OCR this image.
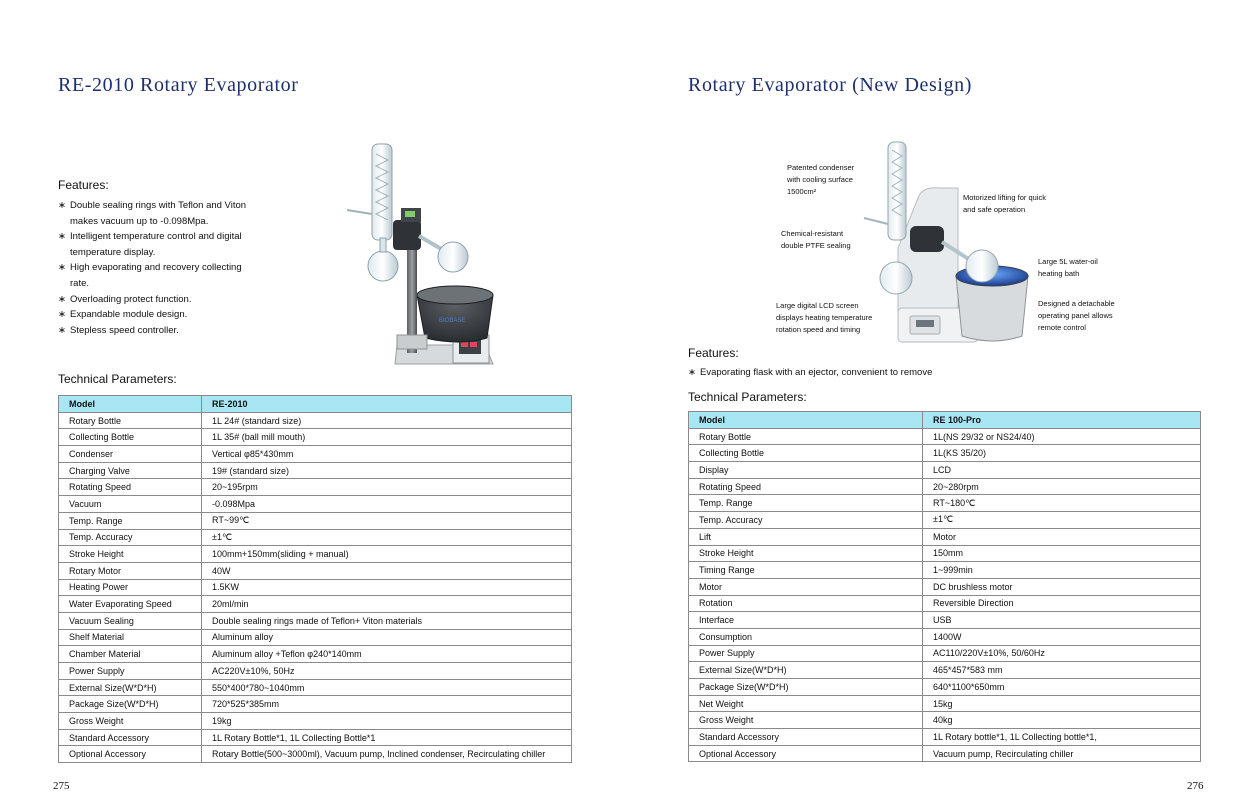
RE-2010 Rotary Evaporator
Features:
∗ Double sealing rings with Teflon and Viton
makes vacuum up to -0.098Mpa.
∗ Intelligent temperature control and digital
temperature display.
∗ High evaporating and recovery collecting
rate.
∗ Overloading protect function.
∗ Expandable module design.
∗ Stepless speed controller.
BIOBASE
Technical Parameters:
Model	RE-2010
Rotary Bottle	1L 24# (standard size)
Collecting Bottle	1L 35# (ball mill mouth)
Condenser	Vertical φ85*430mm
Charging Valve	19# (standard size)
Rotating Speed	20~195rpm
Vacuum	-0.098Mpa
Temp. Range	RT~99℃
Temp. Accuracy	±1℃
Stroke Height	100mm+150mm(sliding + manual)
Rotary Motor	40W
Heating Power	1.5KW
Water Evaporating Speed	20ml/min
Vacuum Sealing	Double sealing rings made of Teflon+ Viton materials
Shelf Material	Aluminum alloy
Chamber Material	Aluminum alloy +Teflon φ240*140mm
Power Supply	AC220V±10%, 50Hz
External Size(W*D*H)	550*400*780~1040mm
Package Size(W*D*H)	720*525*385mm
Gross Weight	19kg
Standard Accessory	1L Rotary Bottle*1, 1L Collecting Bottle*1
Optional Accessory	Rotary Bottle(500~3000ml), Vacuum pump, Inclined condenser, Recirculating chiller
275
Rotary Evaporator (New Design)
Patented condenser
with cooling surface
1500cm²
Motorized lifting for quick
and safe operation
Chemical-resistant
double PTFE sealing
Large 5L water-oil
heating bath
Large digital LCD screen
displays heating temperature
rotation speed and timing
Designed a detachable
operating panel allows
remote control
Features:
∗ Evaporating flask with an ejector, convenient to remove
Technical Parameters:
Model	RE 100-Pro
Rotary Bottle	1L(NS 29/32 or NS24/40)
Collecting Bottle	1L(KS 35/20)
Display	LCD
Rotating Speed	20~280rpm
Temp. Range	RT~180℃
Temp. Accuracy	±1℃
Lift	Motor
Stroke Height	150mm
Timing Range	1~999min
Motor	DC brushless motor
Rotation	Reversible Direction
Interface	USB
Consumption	1400W
Power Supply	AC110/220V±10%, 50/60Hz
External Size(W*D*H)	465*457*583 mm
Package Size(W*D*H)	640*1100*650mm
Net Weight	15kg
Gross Weight	40kg
Standard Accessory	1L Rotary bottle*1, 1L Collecting bottle*1,
Optional Accessory	Vacuum pump, Recirculating chiller
276
